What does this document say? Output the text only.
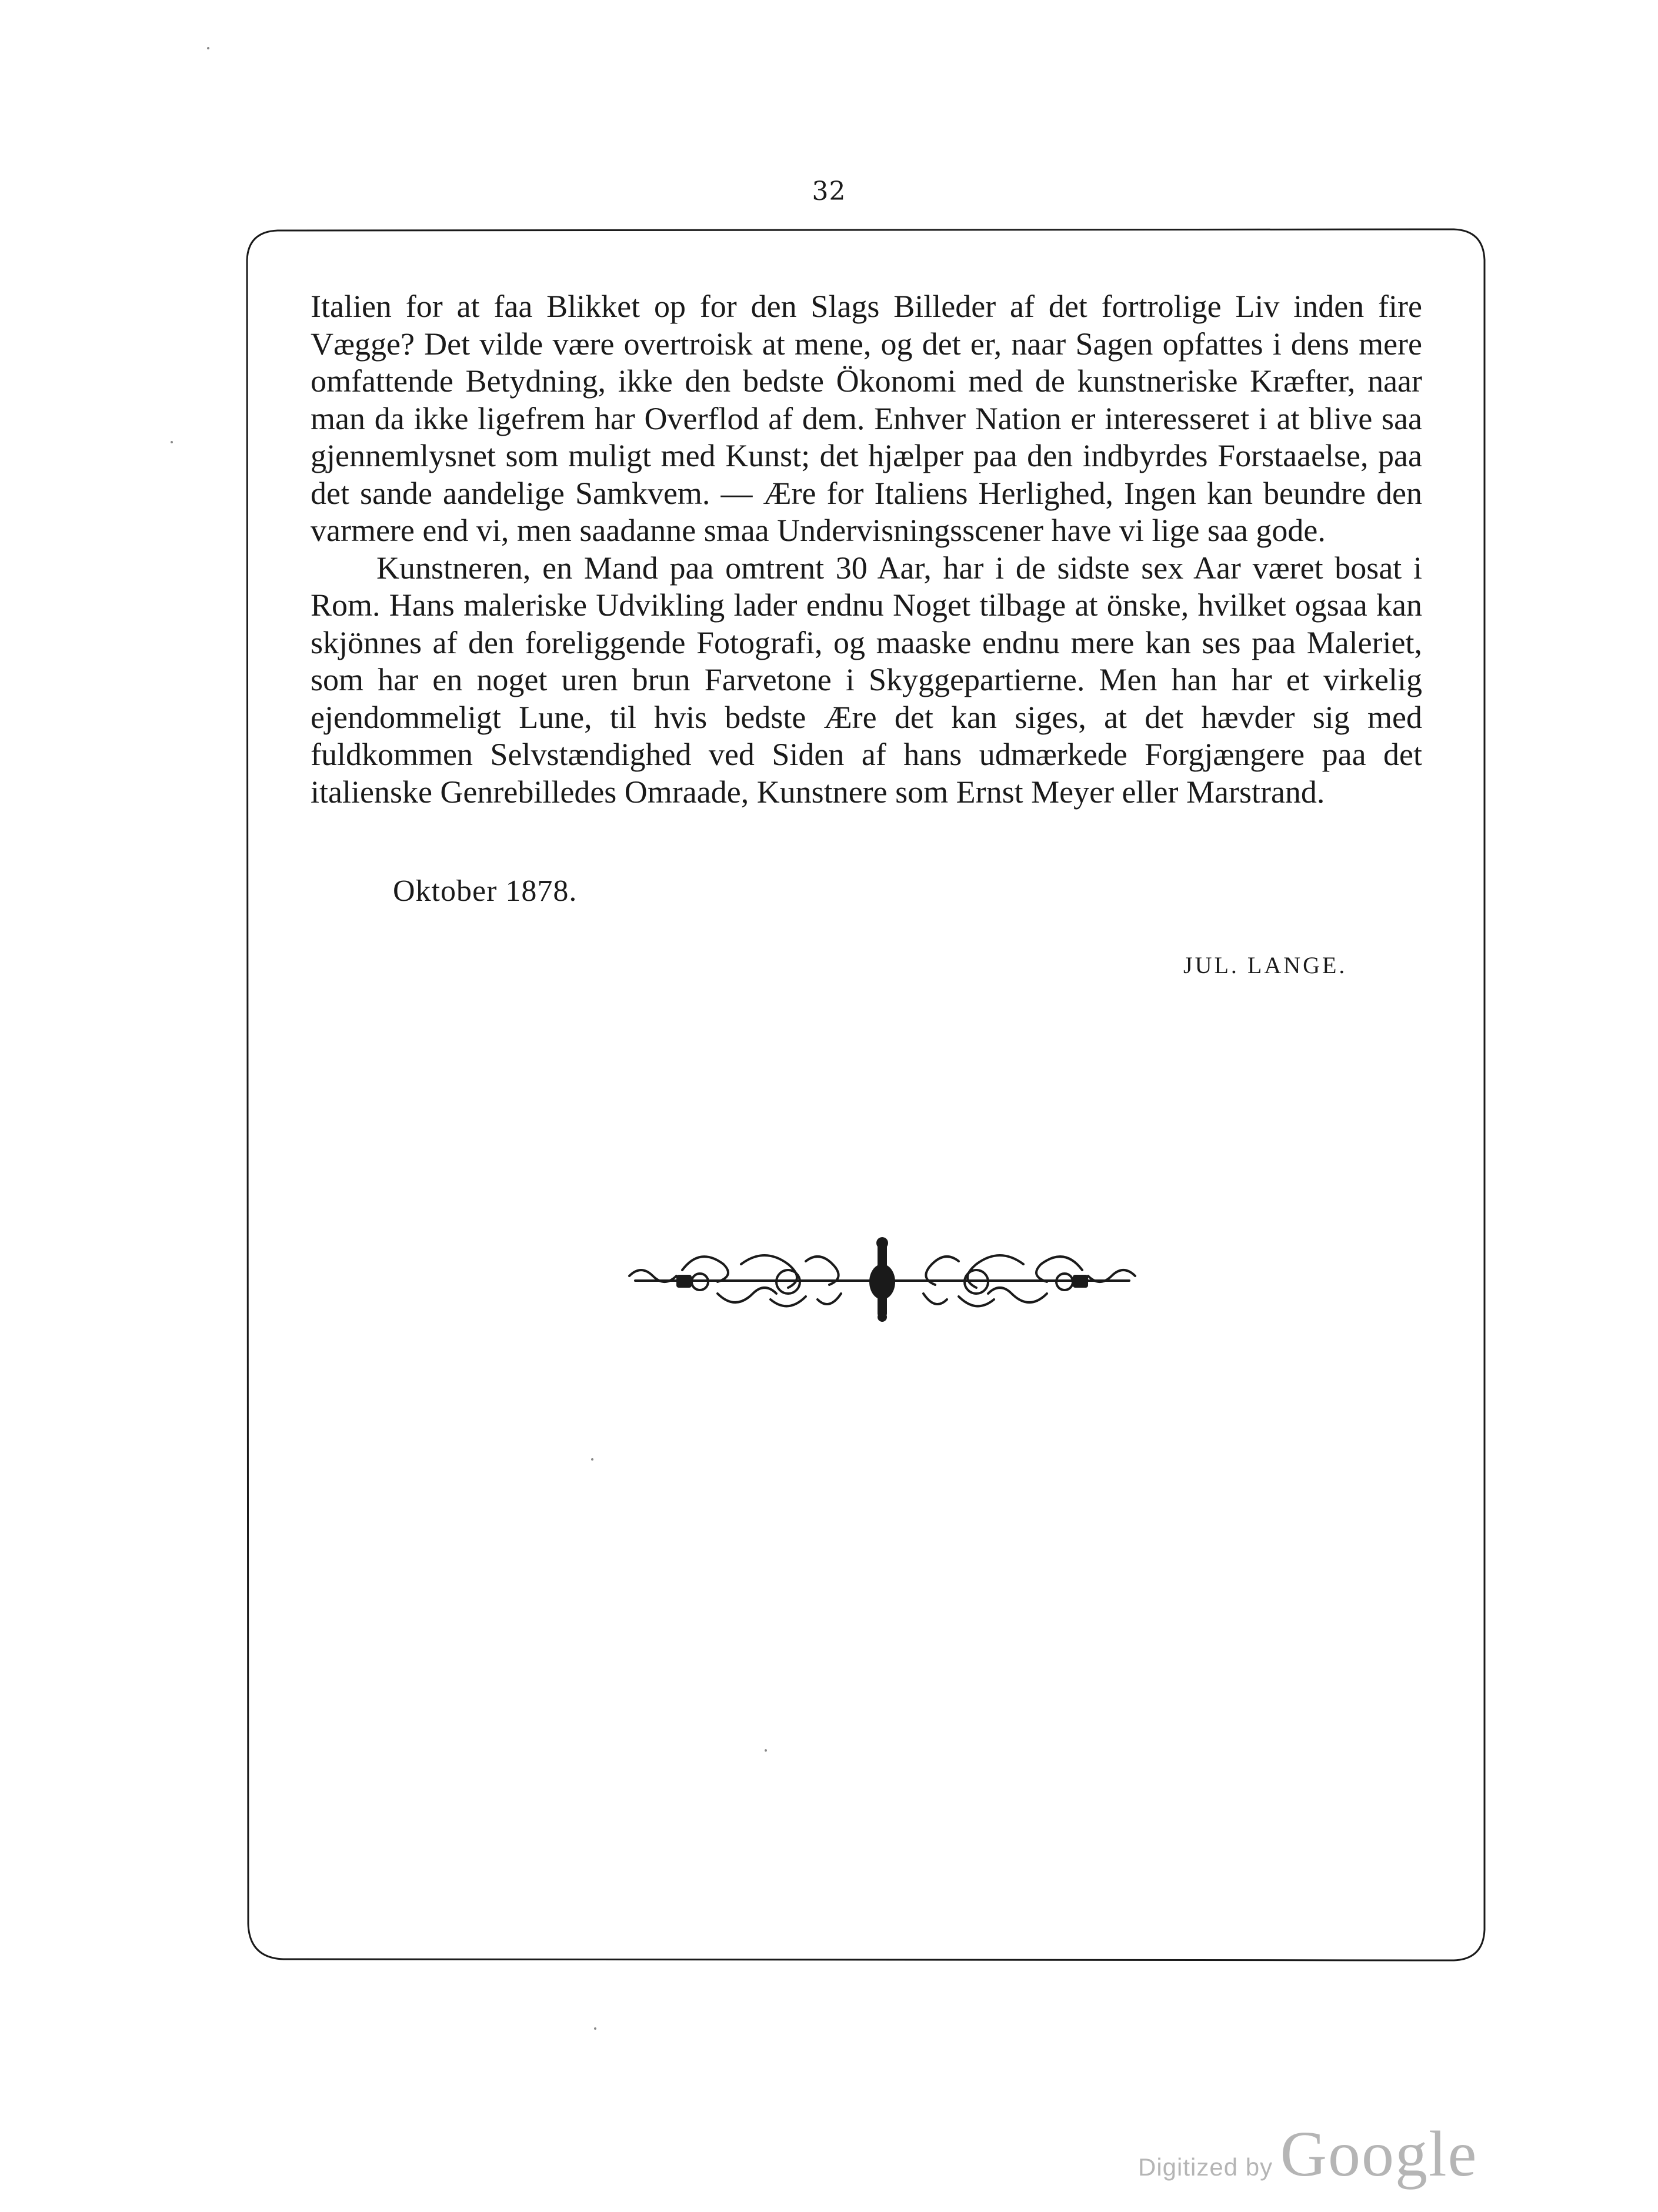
32

Italien for at faa Blikket op for den Slags Billeder af det fortrolige Liv inden fire Vægge? Det vilde være overtroisk at mene, og det er, naar Sagen opfattes i dens mere omfattende Betydning, ikke den bedste Ökonomi med de kunstneriske Kræfter, naar man da ikke ligefrem har Overflod af dem. Enhver Nation er interesseret i at blive saa gjennemlysnet som muligt med Kunst; det hjælper paa den indbyrdes Forstaaelse, paa det sande aandelige Samkvem. — Ære for Italiens Herlighed, Ingen kan beundre den varmere end vi, men saadanne smaa Undervisningsscener have vi lige saa gode.

Kunstneren, en Mand paa omtrent 30 Aar, har i de sidste sex Aar været bosat i Rom. Hans maleriske Udvikling lader endnu Noget tilbage at önske, hvilket ogsaa kan skjönnes af den foreliggende Fotografi, og maaske endnu mere kan ses paa Maleriet, som har en noget uren brun Farvetone i Skyggepartierne. Men han har et virkelig ejendommeligt Lune, til hvis bedste Ære det kan siges, at det hævder sig med fuldkommen Selvstændighed ved Siden af hans udmærkede Forgjængere paa det italienske Genrebilledes Omraade, Kunstnere som Ernst Meyer eller Marstrand.

Oktober 1878.
JUL. LANGE.
Digitized by Google
